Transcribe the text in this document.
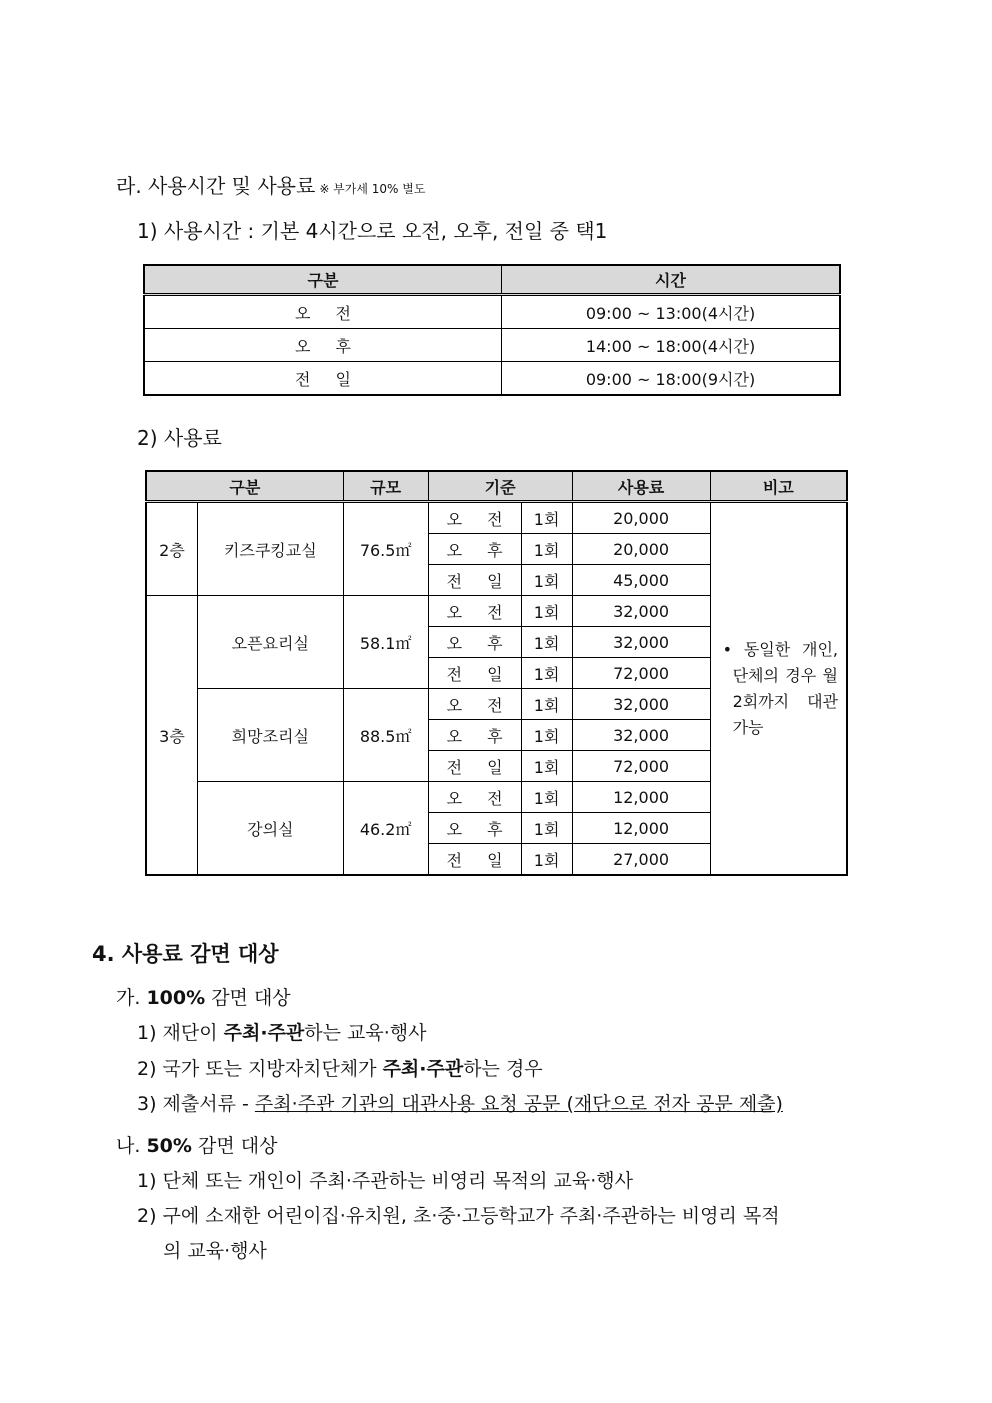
라. 사용시간 및 사용료 ※ 부가세 10% 별도
1) 사용시간 : 기본 4시간으로 오전, 오후, 전일 중 택1
구분	시간
오 전	09:00 ~ 13:00(4시간)
오 후	14:00 ~ 18:00(4시간)
전 일	09:00 ~ 18:00(9시간)
2) 사용료
구분		규모	기준		사용료	비고
2층	키즈쿠킹교실	76.5㎡	오 전	1회	20,000	• 동일한 개인,
단체의 경우 월
2회까지 대관
가능

			오 후	1회	20,000	
			전 일	1회	45,000	
3층	오픈요리실	58.1㎡	오 전	1회	32,000	
			오 후	1회	32,000	
			전 일	1회	72,000	
	희망조리실	88.5㎡	오 전	1회	32,000	
			오 후	1회	32,000	
			전 일	1회	72,000	
	강의실	46.2㎡	오 전	1회	12,000	
			오 후	1회	12,000	
			전 일	1회	27,000	
4. 사용료 감면 대상
가. 100% 감면 대상
1) 재단이 주최·주관하는 교육·행사
2) 국가 또는 지방자치단체가 주최·주관하는 경우
3) 제출서류 - 주최·주관 기관의 대관사용 요청 공문 (재단으로 전자 공문 제출)
나. 50% 감면 대상
1) 단체 또는 개인이 주최·주관하는 비영리 목적의 교육·행사
2) 구에 소재한 어린이집·유치원, 초·중·고등학교가 주최·주관하는 비영리 목적
의 교육·행사
